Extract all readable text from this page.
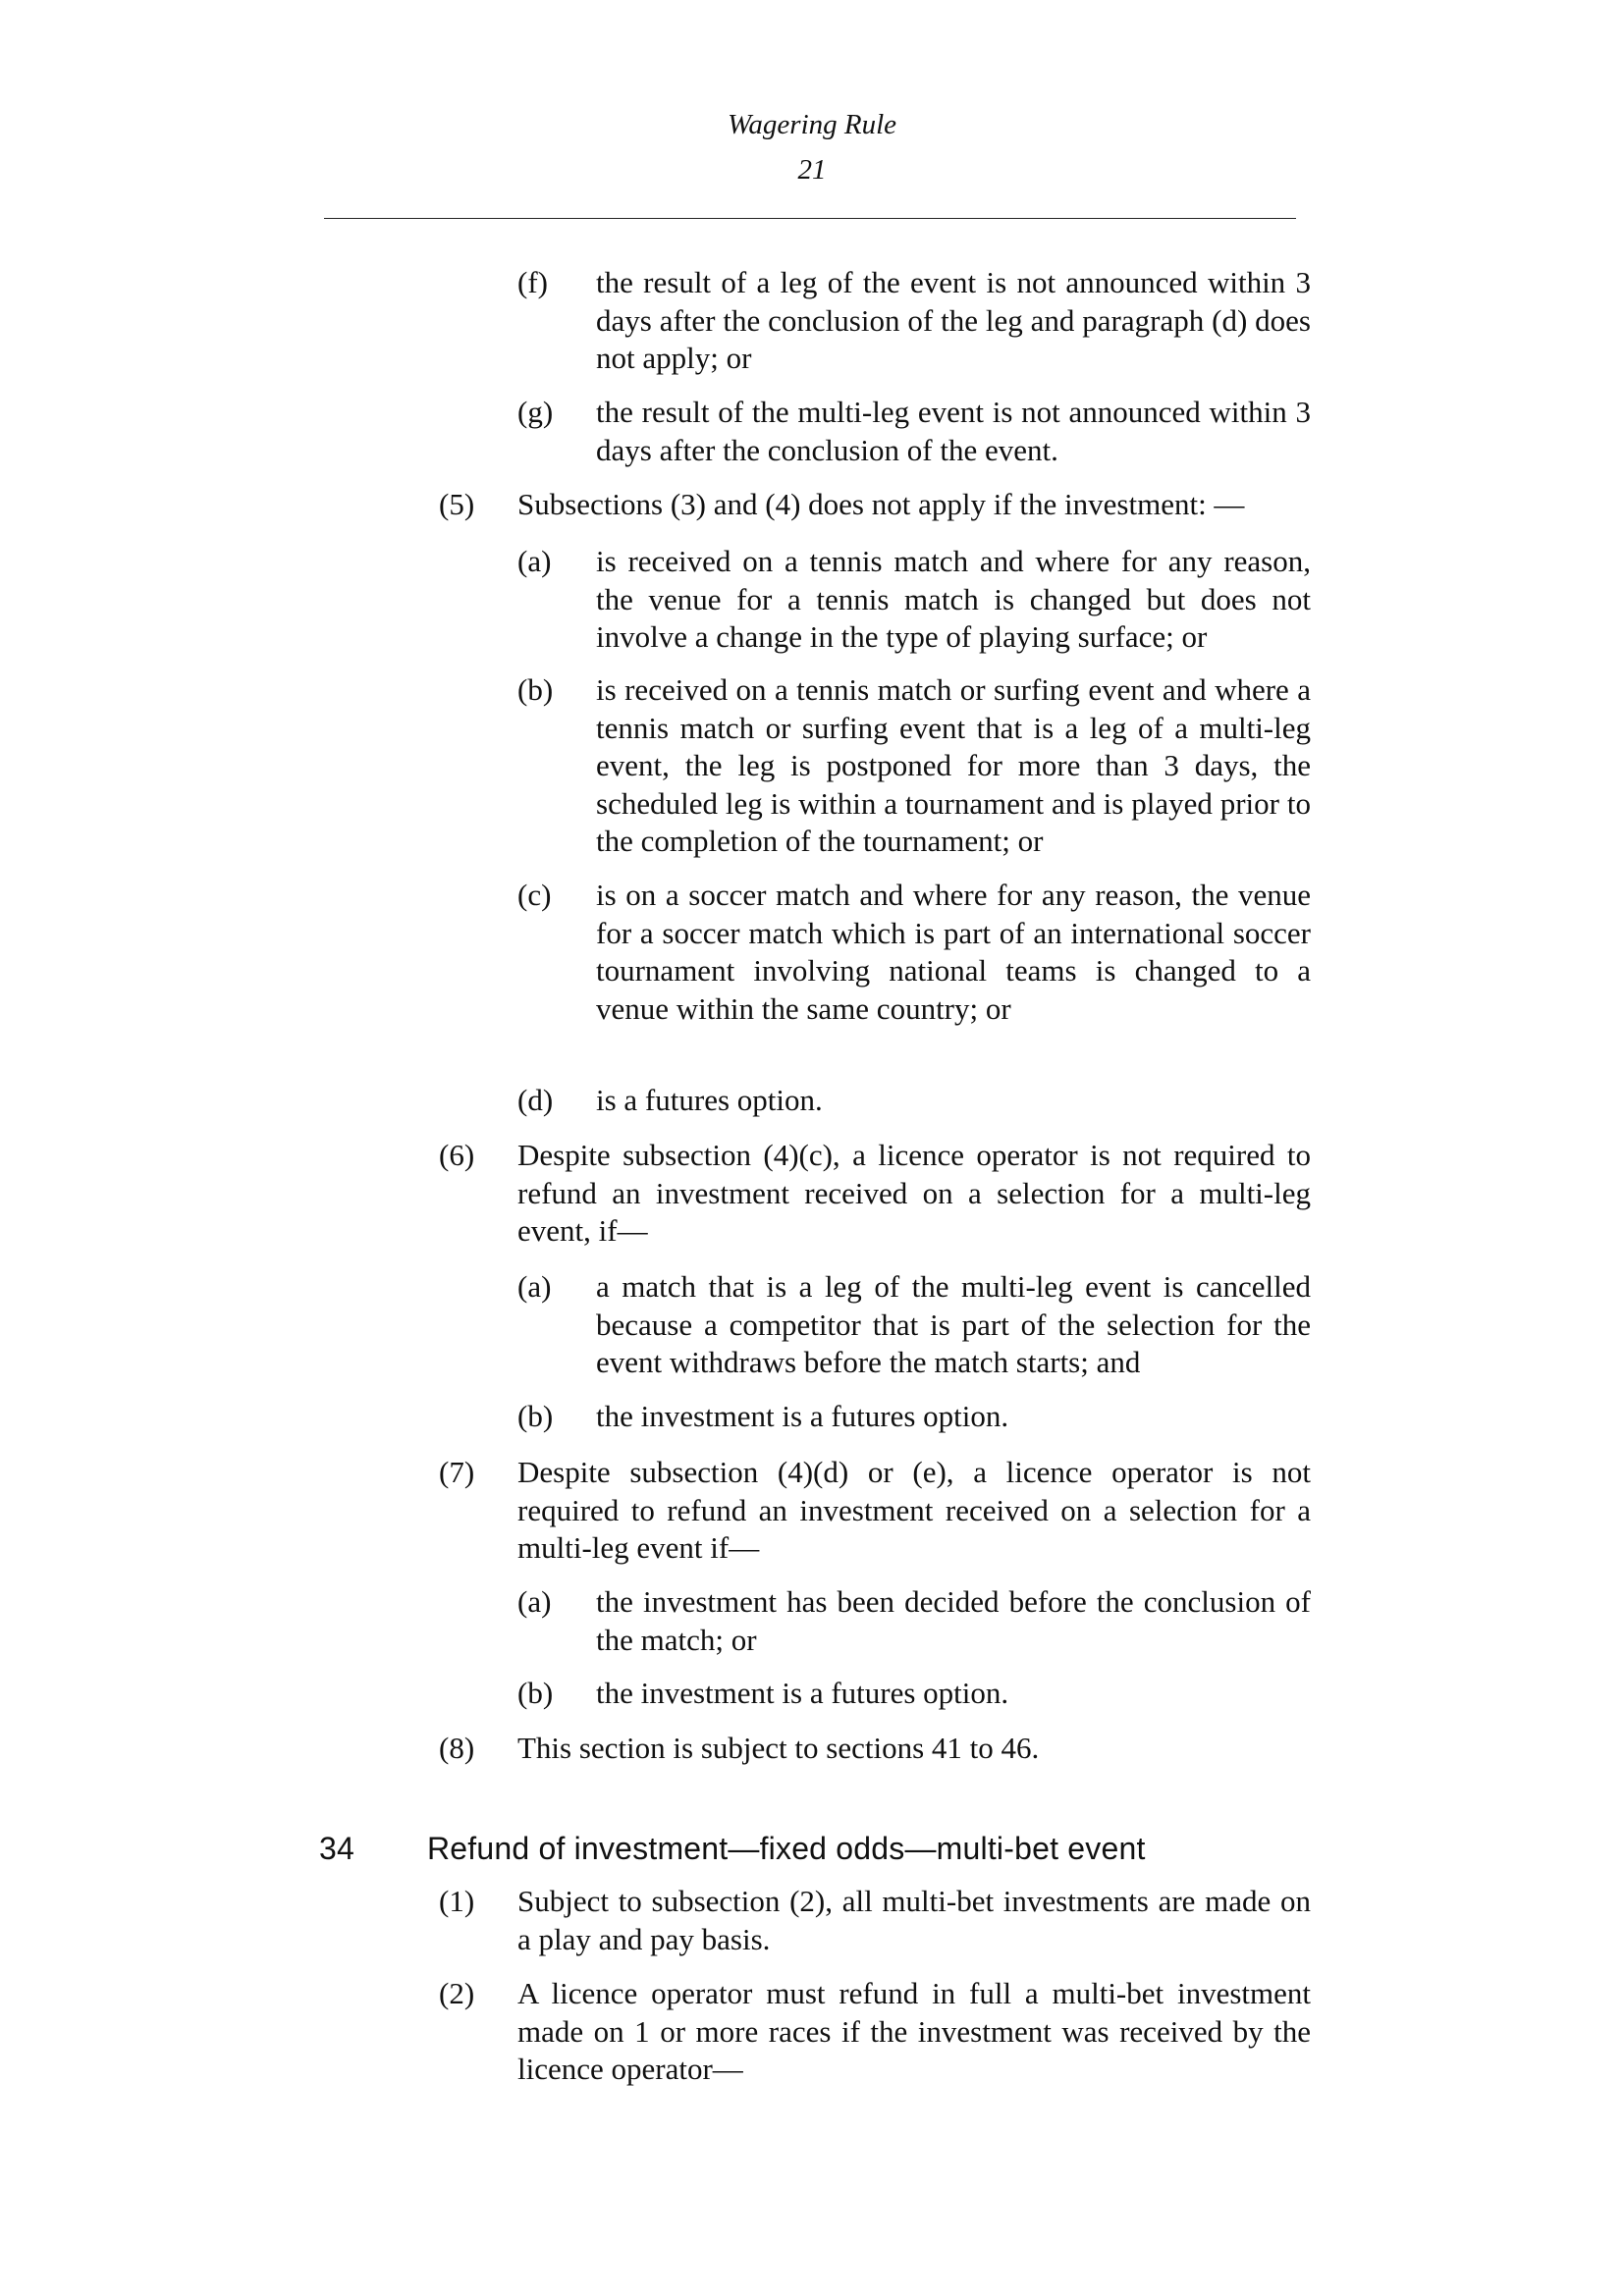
Wagering Rule
21
(f)	the result of a leg of the event is not announced within 3 days after the conclusion of the leg and paragraph (d) does not apply; or
(g)	the result of the multi-leg event is not announced within 3 days after the conclusion of the event.
(5)	Subsections (3) and (4) does not apply if the investment: —
(a)	is received on a tennis match and where for any reason, the venue for a tennis match is changed but does not involve a change in the type of playing surface; or
(b)	is received on a tennis match or surfing event and where a tennis match or surfing event that is a leg of a multi-leg event, the leg is postponed for more than 3 days, the scheduled leg is within a tournament and is played prior to the completion of the tournament; or
(c)	is on a soccer match and where for any reason, the venue for a soccer match which is part of an international soccer tournament involving national teams is changed to a venue within the same country; or
(d)	is a futures option.
(6)	Despite subsection (4)(c), a licence operator is not required to refund an investment received on a selection for a multi-leg event, if—
(a)	a match that is a leg of the multi-leg event is cancelled because a competitor that is part of the selection for the event withdraws before the match starts; and
(b)	the investment is a futures option.
(7)	Despite subsection (4)(d) or (e), a licence operator is not required to refund an investment received on a selection for a multi-leg event if—
(a)	the investment has been decided before the conclusion of the match; or
(b)	the investment is a futures option.
(8)	This section is subject to sections 41 to 46.
34	Refund of investment—fixed odds—multi-bet event
(1)	Subject to subsection (2), all multi-bet investments are made on a play and pay basis.
(2)	A licence operator must refund in full a multi-bet investment made on 1 or more races if the investment was received by the licence operator—
